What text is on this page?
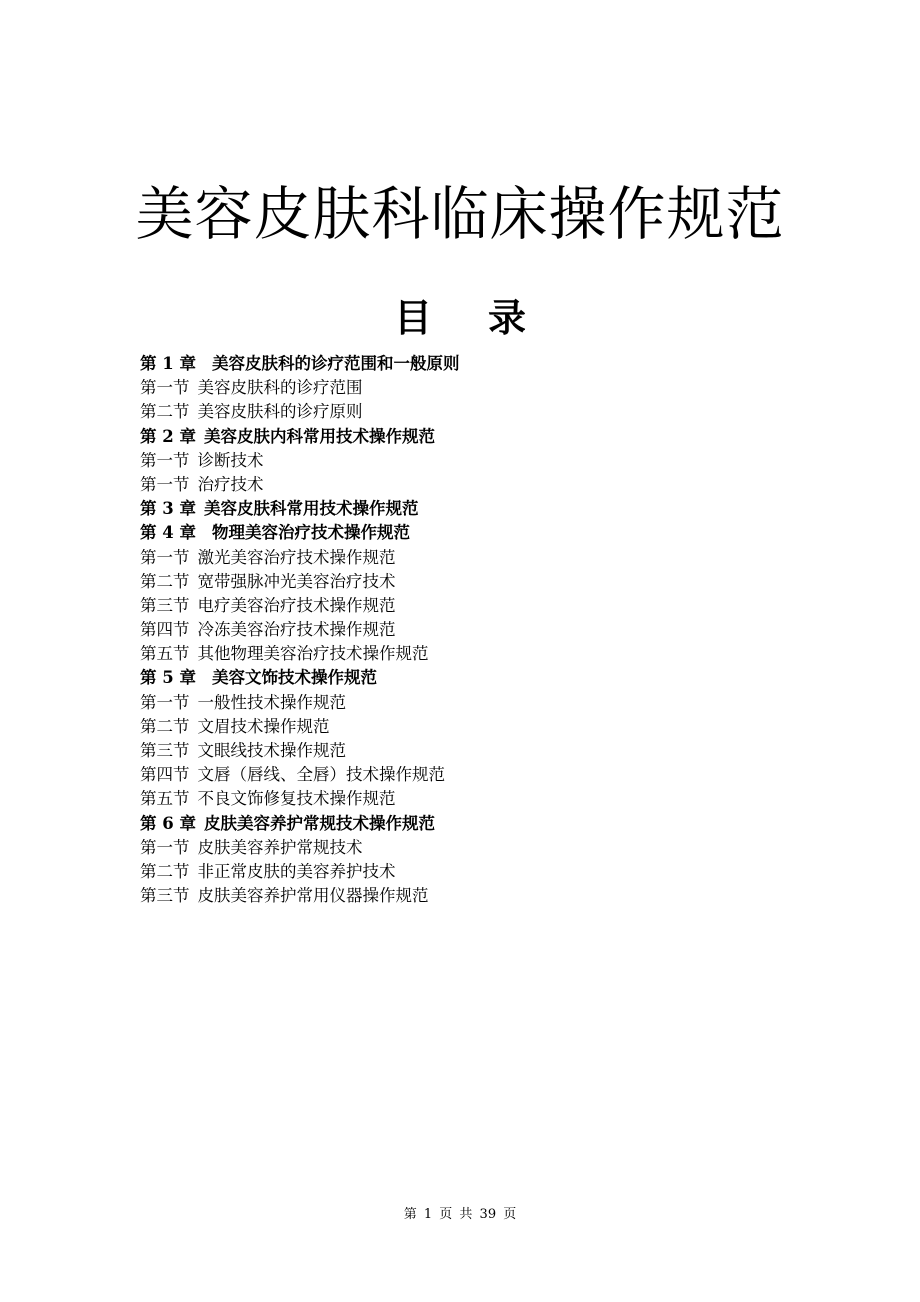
美容皮肤科临床操作规范
目 录
第 1 章 美容皮肤科的诊疗范围和一般原则
第一节 美容皮肤科的诊疗范围
第二节 美容皮肤科的诊疗原则
第 2 章 美容皮肤内科常用技术操作规范
第一节 诊断技术
第一节 治疗技术
第 3 章 美容皮肤科常用技术操作规范
第 4 章 物理美容治疗技术操作规范
第一节 激光美容治疗技术操作规范
第二节 宽带强脉冲光美容治疗技术
第三节 电疗美容治疗技术操作规范
第四节 冷冻美容治疗技术操作规范
第五节 其他物理美容治疗技术操作规范
第 5 章 美容文饰技术操作规范
第一节 一般性技术操作规范
第二节 文眉技术操作规范
第三节 文眼线技术操作规范
第四节 文唇（唇线、全唇）技术操作规范
第五节 不良文饰修复技术操作规范
第 6 章 皮肤美容养护常规技术操作规范
第一节 皮肤美容养护常规技术
第二节 非正常皮肤的美容养护技术
第三节 皮肤美容养护常用仪器操作规范
第 1 页 共 39 页
